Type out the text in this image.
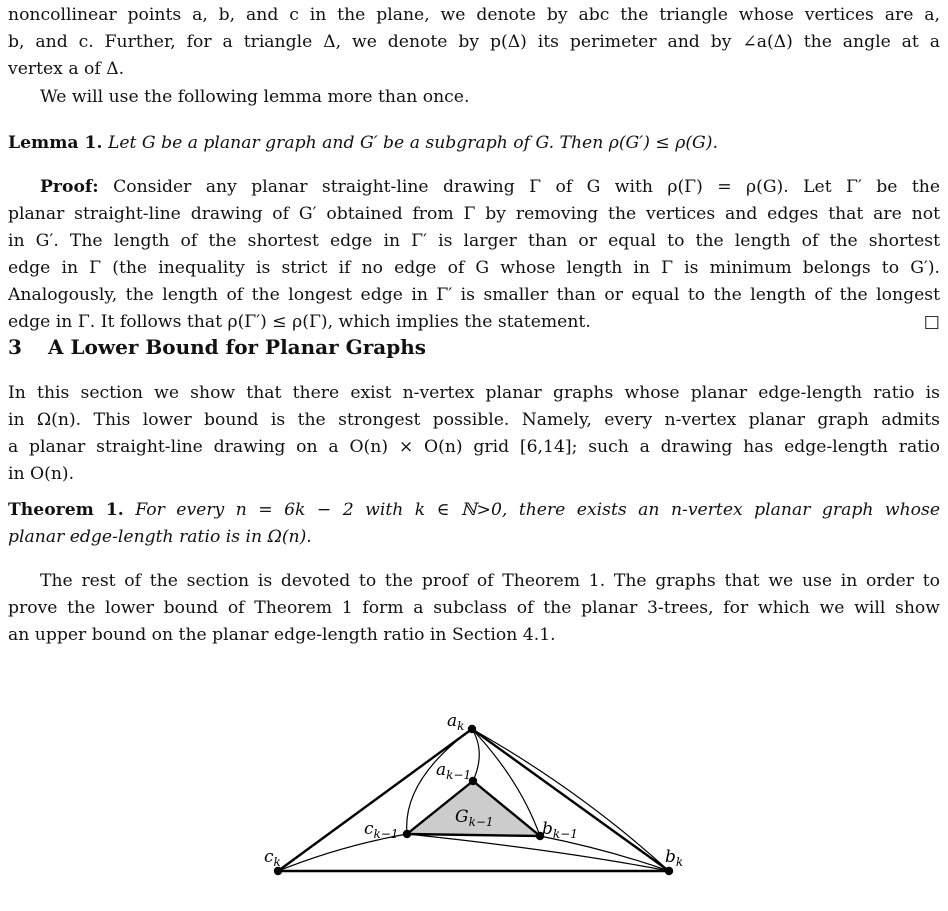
noncollinear points a, b, and c in the plane, we denote by abc the triangle whose vertices are a,

b, and c. Further, for a triangle Δ, we denote by p(Δ) its perimeter and by ∠a(Δ) the angle at a

vertex a of Δ.

We will use the following lemma more than once.

Lemma 1. Let G be a planar graph and G′ be a subgraph of G. Then ρ(G′) ≤ ρ(G).

Proof: Consider any planar straight-line drawing Γ of G with ρ(Γ) = ρ(G). Let Γ′ be the

planar straight-line drawing of G′ obtained from Γ by removing the vertices and edges that are not

in G′. The length of the shortest edge in Γ′ is larger than or equal to the length of the shortest

edge in Γ (the inequality is strict if no edge of G whose length in Γ is minimum belongs to G′).

Analogously, the length of the longest edge in Γ′ is smaller than or equal to the length of the longest

edge in Γ. It follows that ρ(Γ′) ≤ ρ(Γ), which implies the statement.	□

3 A Lower Bound for Planar Graphs

In this section we show that there exist n-vertex planar graphs whose planar edge-length ratio is

in Ω(n). This lower bound is the strongest possible. Namely, every n-vertex planar graph admits

a planar straight-line drawing on a O(n) × O(n) grid [6,14]; such a drawing has edge-length ratio

in O(n).

Theorem 1. For every n = 6k − 2 with k ∈ ℕ>0, there exists an n-vertex planar graph whose

planar edge-length ratio is in Ω(n).

The rest of the section is devoted to the proof of Theorem 1. The graphs that we use in order to

prove the lower bound of Theorem 1 form a subclass of the planar 3-trees, for which we will show

an upper bound on the planar edge-length ratio in Section 4.1.

$a_k$
$a_{k-1}$
$G_{k-1}$
$c_{k-1}$	$b_{k-1}$
$c_k$	$b_k$
